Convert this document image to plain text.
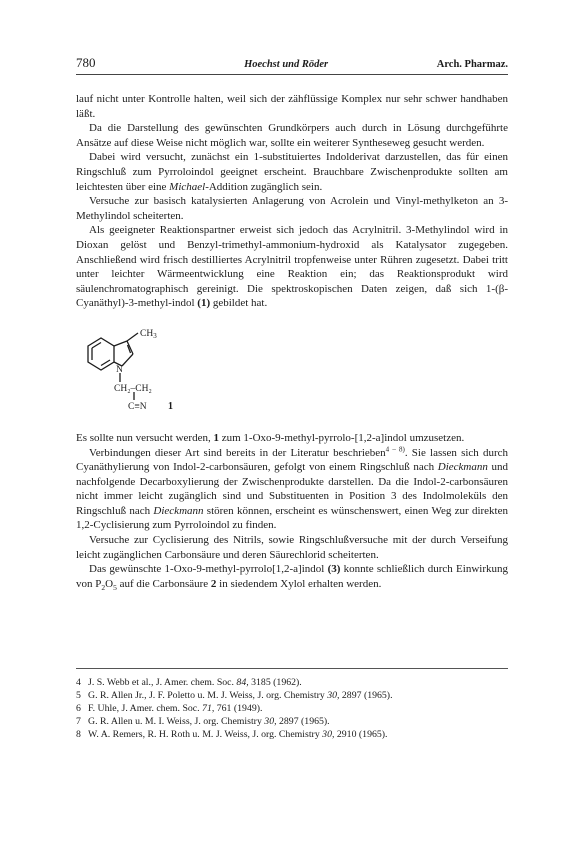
780	Hoechst und Röder	Arch. Pharmaz.

lauf nicht unter Kontrolle halten, weil sich der zähflüssige Komplex nur sehr schwer handhaben läßt.

Da die Darstellung des gewünschten Grundkörpers auch durch in Lösung durchgeführte Ansätze auf diese Weise nicht möglich war, sollte ein weiterer Syntheseweg gesucht werden.

Dabei wird versucht, zunächst ein 1-substituiertes Indolderivat darzustellen, das für einen Ringschluß zum Pyrroloindol geeignet erscheint. Brauchbare Zwischenprodukte sollten am leichtesten über eine Michael-Addition zugänglich sein.

Versuche zur basisch katalysierten Anlagerung von Acrolein und Vinyl-methylketon an 3-Methylindol scheiterten.

Als geeigneter Reaktionspartner erweist sich jedoch das Acrylnitril. 3-Methylindol wird in Dioxan gelöst und Benzyl-trimethyl-ammonium-hydroxid als Katalysator zugegeben. Anschließend wird frisch destilliertes Acrylnitril tropfenweise unter Rühren zugesetzt. Dabei tritt unter leichter Wärmeentwicklung eine Reaktion ein; das Reaktionsprodukt wird säulenchromatographisch gereinigt. Die spektroskopischen Daten zeigen, daß sich 1-(β-Cyanäthyl)-3-methyl-indol (1) gebildet hat.

$CH_3$
N
CH₂–CH₂
C≡N 1

Es sollte nun versucht werden, 1 zum 1-Oxo-9-methyl-pyrrolo-[1,2-a]indol umzusetzen.

Verbindungen dieser Art sind bereits in der Literatur beschrieben$^{4 - 8)}$. Sie lassen sich durch Cyanäthylierung von Indol-2-carbonsäuren, gefolgt von einem Ringschluß nach Dieckmann und nachfolgende Decarboxylierung der Zwischenprodukte darstellen. Da die Indol-2-carbonsäuren nicht immer leicht zugänglich sind und Substituenten in Position 3 des Indolmoleküls den Ringschluß nach Dieckmann stören können, erscheint es wünschenswert, einen Weg zur direkten 1,2-Cyclisierung zum Pyrroloindol zu finden.

Versuche zur Cyclisierung des Nitrils, sowie Ringschlußversuche mit der durch Verseifung leicht zugänglichen Carbonsäure und deren Säurechlorid scheiterten.

Das gewünschte 1-Oxo-9-methyl-pyrrolo[1,2-a]indol (3) konnte schließlich durch Einwirkung von $P_2O_5$ auf die Carbonsäure 2 in siedendem Xylol erhalten werden.

4 J. S. Webb et al., J. Amer. chem. Soc. 84, 3185 (1962).
5 G. R. Allen Jr., J. F. Poletto u. M. J. Weiss, J. org. Chemistry 30, 2897 (1965).
6 F. Uhle, J. Amer. chem. Soc. 71, 761 (1949).
7 G. R. Allen u. M. I. Weiss, J. org. Chemistry 30, 2897 (1965).
8 W. A. Remers, R. H. Roth u. M. J. Weiss, J. org. Chemistry 30, 2910 (1965).
